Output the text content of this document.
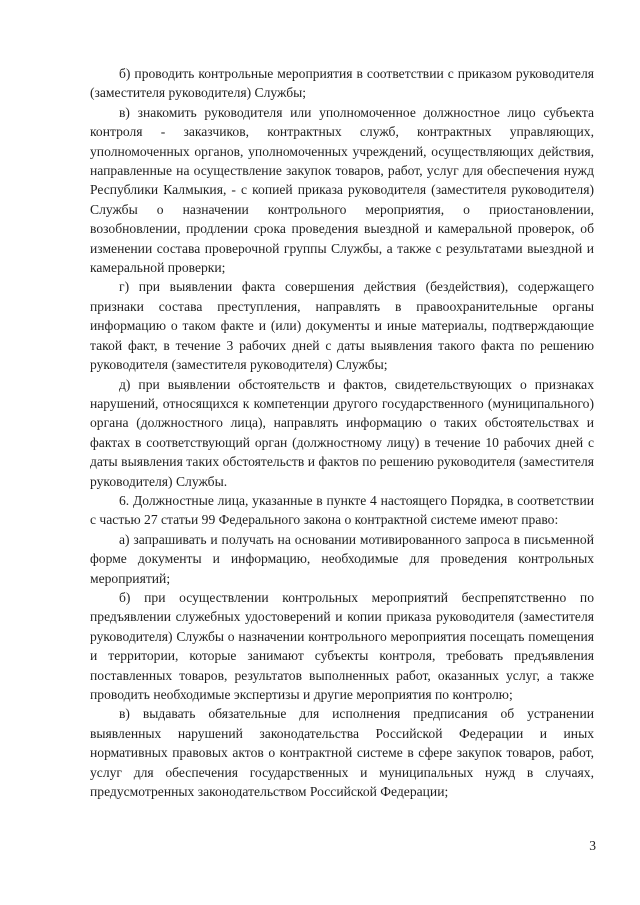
б) проводить контрольные мероприятия в соответствии с приказом руководителя (заместителя руководителя) Службы;

в) знакомить руководителя или уполномоченное должностное лицо субъекта контроля - заказчиков, контрактных служб, контрактных управляющих, уполномоченных органов, уполномоченных учреждений, осуществляющих действия, направленные на осуществление закупок товаров, работ, услуг для обеспечения нужд Республики Калмыкия, - с копией приказа руководителя (заместителя руководителя) Службы о назначении контрольного мероприятия, о приостановлении, возобновлении, продлении срока проведения выездной и камеральной проверок, об изменении состава проверочной группы Службы, а также с результатами выездной и камеральной проверки;

г) при выявлении факта совершения действия (бездействия), содержащего признаки состава преступления, направлять в правоохранительные органы информацию о таком факте и (или) документы и иные материалы, подтверждающие такой факт, в течение 3 рабочих дней с даты выявления такого факта по решению руководителя (заместителя руководителя) Службы;

д) при выявлении обстоятельств и фактов, свидетельствующих о признаках нарушений, относящихся к компетенции другого государственного (муниципального) органа (должностного лица), направлять информацию о таких обстоятельствах и фактах в соответствующий орган (должностному лицу) в течение 10 рабочих дней с даты выявления таких обстоятельств и фактов по решению руководителя (заместителя руководителя) Службы.

6. Должностные лица, указанные в пункте 4 настоящего Порядка, в соответствии с частью 27 статьи 99 Федерального закона о контрактной системе имеют право:

а) запрашивать и получать на основании мотивированного запроса в письменной форме документы и информацию, необходимые для проведения контрольных мероприятий;

б) при осуществлении контрольных мероприятий беспрепятственно по предъявлении служебных удостоверений и копии приказа руководителя (заместителя руководителя) Службы о назначении контрольного мероприятия посещать помещения и территории, которые занимают субъекты контроля, требовать предъявления поставленных товаров, результатов выполненных работ, оказанных услуг, а также проводить необходимые экспертизы и другие мероприятия по контролю;

в) выдавать обязательные для исполнения предписания об устранении выявленных нарушений законодательства Российской Федерации и иных нормативных правовых актов о контрактной системе в сфере закупок товаров, работ, услуг для обеспечения государственных и муниципальных нужд в случаях, предусмотренных законодательством Российской Федерации;

3
